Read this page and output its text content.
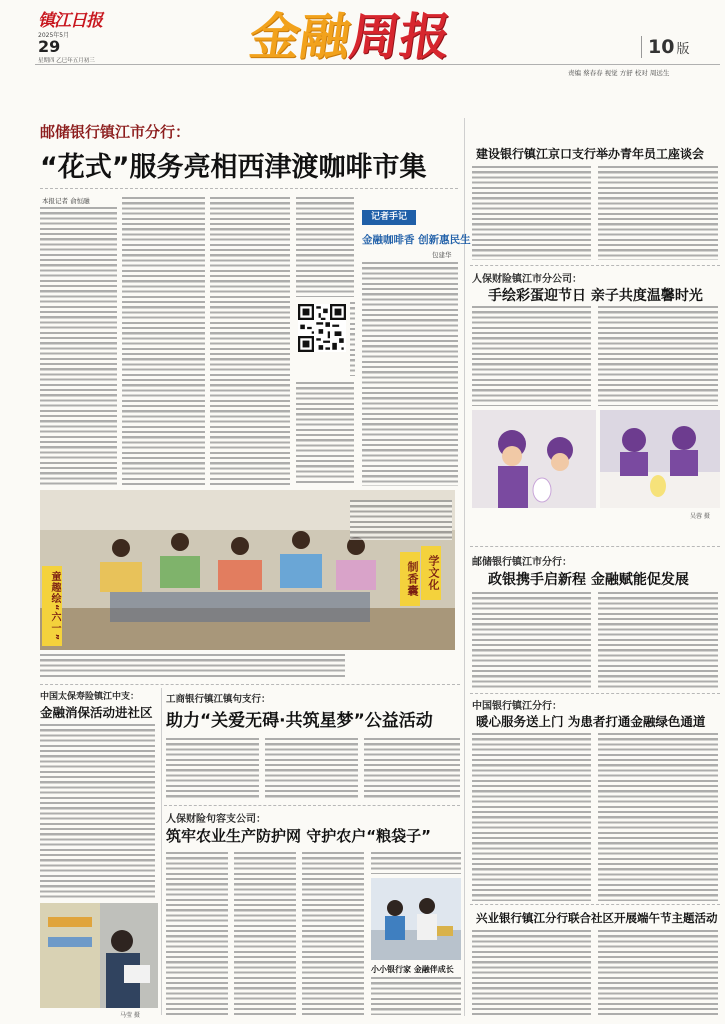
镇江日报
2025年5月
29
星期四 乙巳年五月初三	金融周报	10 版
责编 蔡春春 视觉 方舒 校对 周远生
邮储银行镇江市分行：
“花式”服务亮相西津渡咖啡市集
本报记者 俞恒融
记者手记
金融咖啡香 创新惠民生
包建华
学文化
制香囊
童趣绘“六一”
中国太保寿险镇江中支：
金融消保活动进社区
马莹 摄
工商银行镇江镇句支行：
助力“关爱无碍·共筑星梦”公益活动
人保财险句容支公司：
筑牢农业生产防护网 守护农户“粮袋子”
小小银行家 金融伴成长
建设银行镇江京口支行举办青年员工座谈会
人保财险镇江市分公司：
手绘彩蛋迎节日 亲子共度温馨时光
吴蓉 摄
邮储银行镇江市分行：
政银携手启新程 金融赋能促发展
中国银行镇江分行：
暖心服务送上门 为患者打通金融绿色通道
兴业银行镇江分行联合社区开展端午节主题活动
